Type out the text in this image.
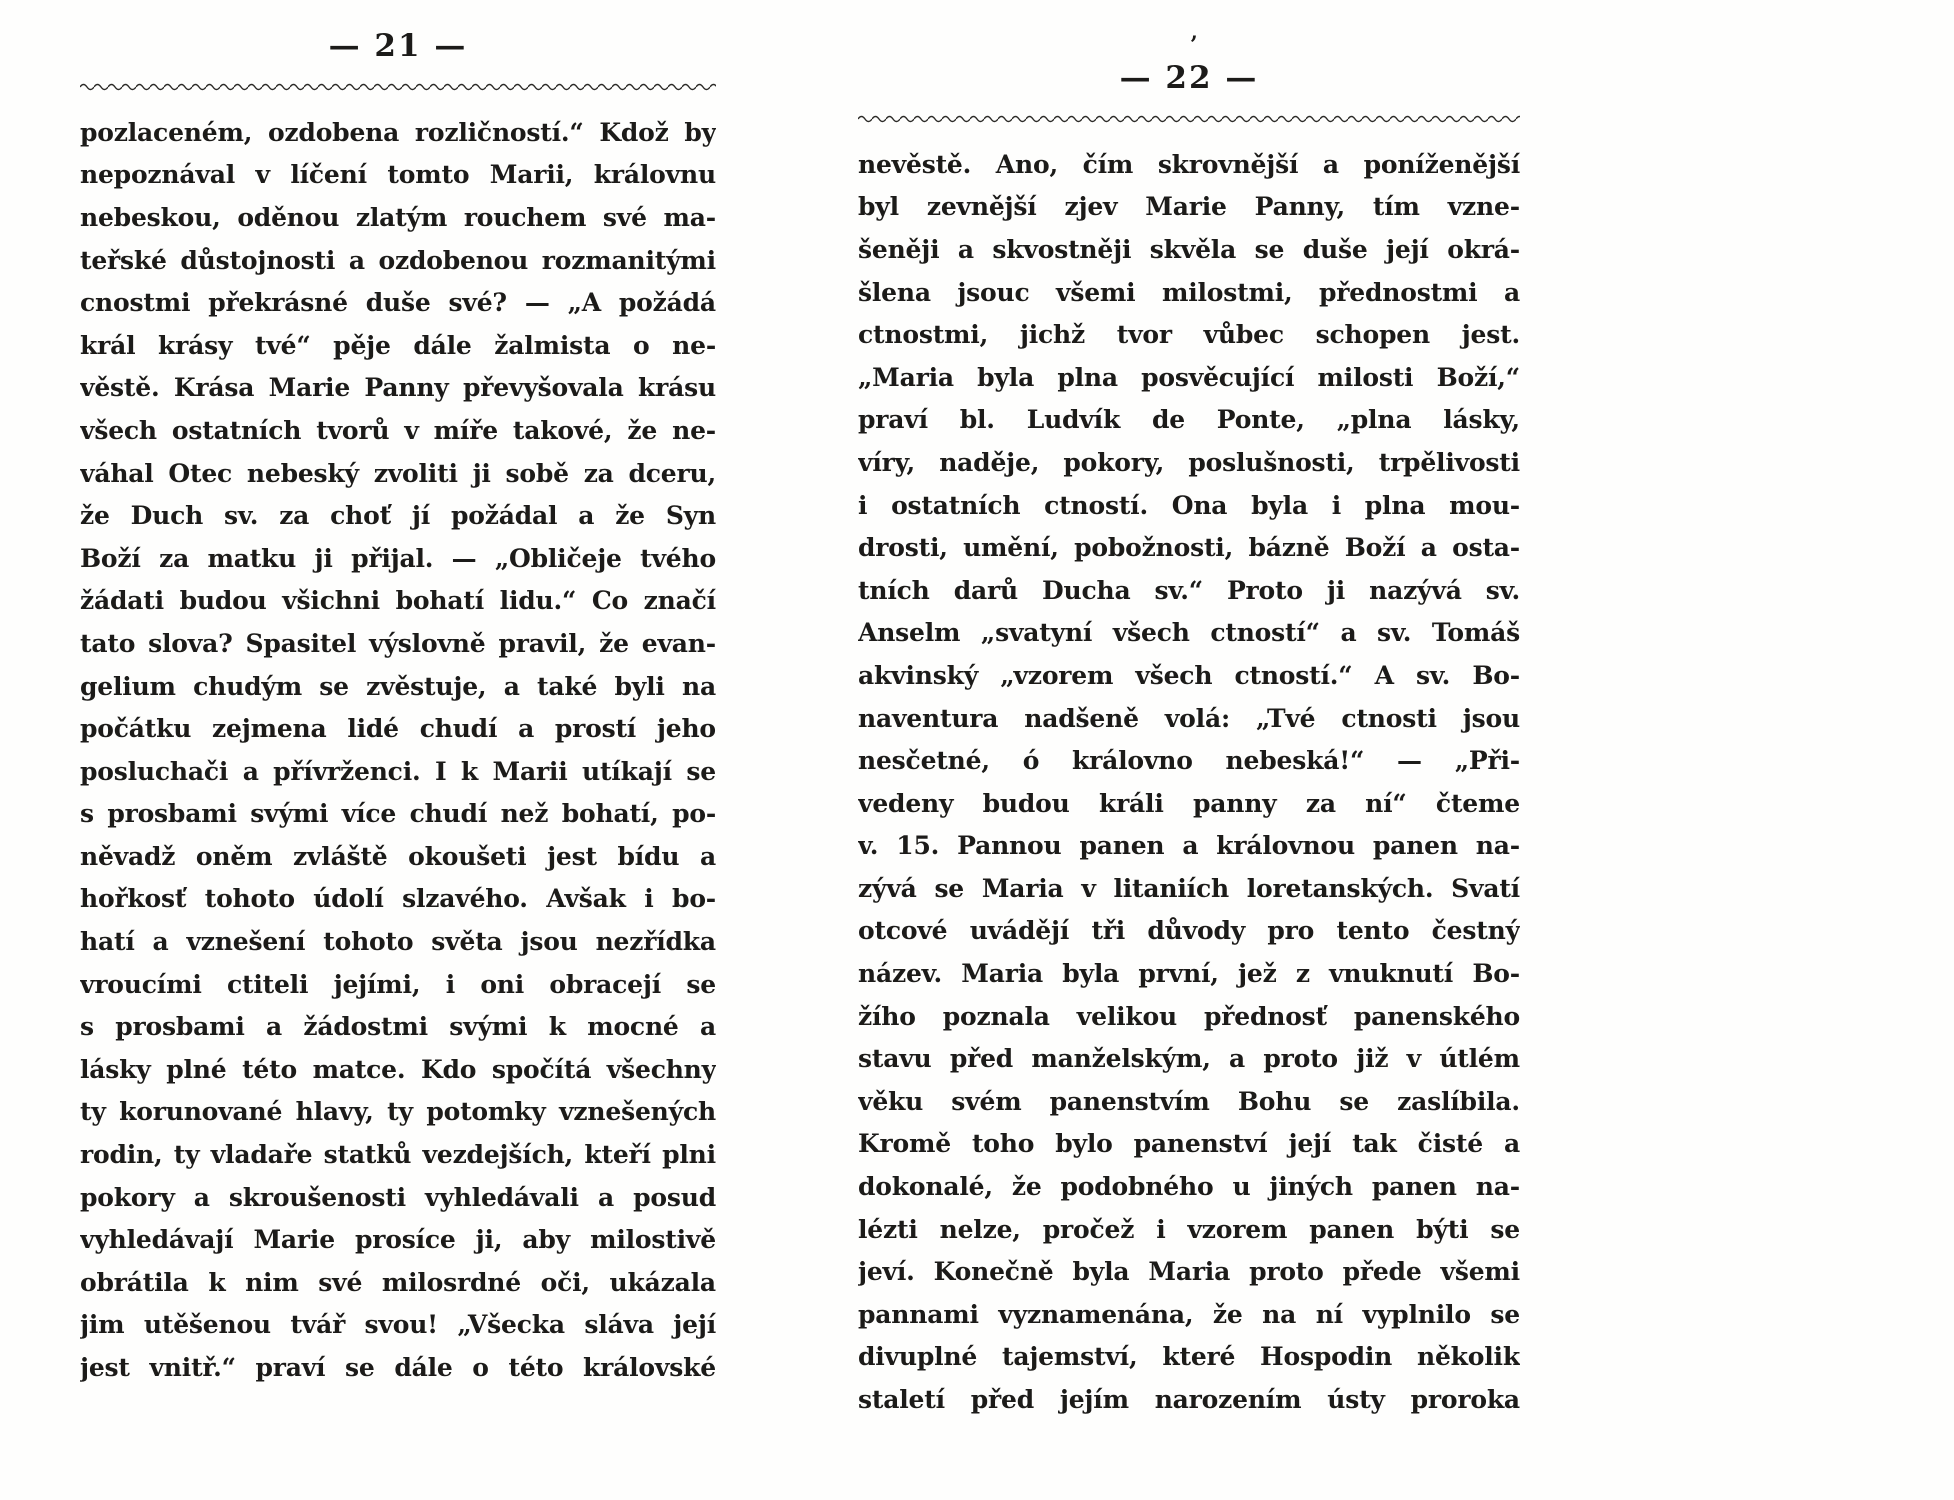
— 21 —
pozlaceném, ozdobena rozličností.“ Kdož by
nepoznával v líčení tomto Marii, královnu
nebeskou, oděnou zlatým rouchem své ma-
teřské důstojnosti a ozdobenou rozmanitými
cnostmi překrásné duše své? — „A požádá
král krásy tvé“ pěje dále žalmista o ne-
věstě. Krása Marie Panny převyšovala krásu
všech ostatních tvorů v míře takové, že ne-
váhal Otec nebeský zvoliti ji sobě za dceru,
že Duch sv. za choť jí požádal a že Syn
Boží za matku ji přijal. — „Obličeje tvého
žádati budou všichni bohatí lidu.“ Co značí
tato slova? Spasitel výslovně pravil, že evan-
gelium chudým se zvěstuje, a také byli na
počátku zejmena lidé chudí a prostí jeho
posluchači a přívrženci. I k Marii utíkají se
s prosbami svými více chudí než bohatí, po-
něvadž oněm zvláště okoušeti jest bídu a
hořkosť tohoto údolí slzavého. Avšak i bo-
hatí a vznešení tohoto světa jsou nezřídka
vroucími ctiteli jejími, i oni obracejí se
s prosbami a žádostmi svými k mocné a
lásky plné této matce. Kdo spočítá všechny
ty korunované hlavy, ty potomky vznešených
rodin, ty vladaře statků vezdejších, kteří plni
pokory a skroušenosti vyhledávali a posud
vyhledávají Marie prosíce ji, aby milostivě
obrátila k nim své milosrdné oči, ukázala
jim utěšenou tvář svou! „Všecka sláva její
jest vnitř.“ praví se dále o této královské
’
— 22 —
nevěstě. Ano, čím skrovnější a poníženější
byl zevnější zjev Marie Panny, tím vzne-
šeněji a skvostněji skvěla se duše její okrá-
šlena jsouc všemi milostmi, přednostmi a
ctnostmi, jichž tvor vůbec schopen jest.
„Maria byla plna posvěcující milosti Boží,“
praví bl. Ludvík de Ponte, „plna lásky,
víry, naděje, pokory, poslušnosti, trpělivosti
i ostatních ctností. Ona byla i plna mou-
drosti, umění, pobožnosti, bázně Boží a osta-
tních darů Ducha sv.“ Proto ji nazývá sv.
Anselm „svatyní všech ctností“ a sv. Tomáš
akvinský „vzorem všech ctností.“ A sv. Bo-
naventura nadšeně volá: „Tvé ctnosti jsou
nesčetné, ó královno nebeská!“ — „Při-
vedeny budou králi panny za ní“ čteme
v. 15. Pannou panen a královnou panen na-
zývá se Maria v litaniích loretanských. Svatí
otcové uvádějí tři důvody pro tento čestný
název. Maria byla první, jež z vnuknutí Bo-
žího poznala velikou přednosť panenského
stavu před manželským, a proto již v útlém
věku svém panenstvím Bohu se zaslíbila.
Kromě toho bylo panenství její tak čisté a
dokonalé, že podobného u jiných panen na-
lézti nelze, pročež i vzorem panen býti se
jeví. Konečně byla Maria proto přede všemi
pannami vyznamenána, že na ní vyplnilo se
divuplné tajemství, které Hospodin několik
staletí před jejím narozením ústy proroka
